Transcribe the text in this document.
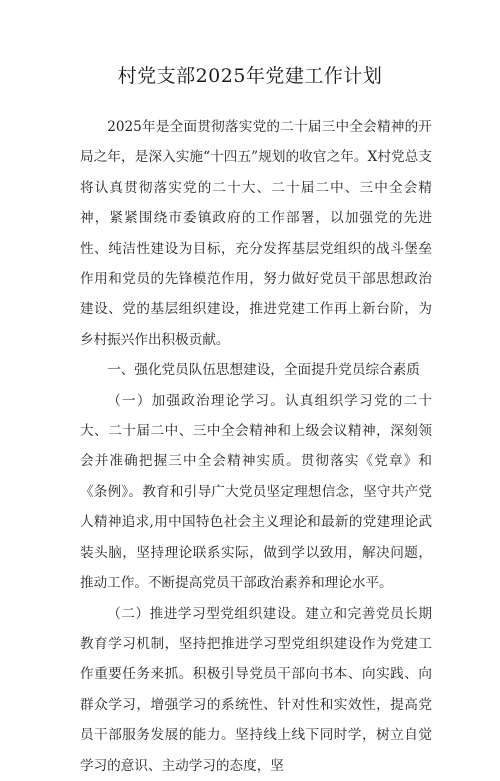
村党支部2025年党建工作计划

2025年是全面贯彻落实党的二十届三中全会精神的开局之年，是深入实施“十四五”规划的收官之年。X村党总支将认真贯彻落实党的二十大、二十届二中、三中全会精神，紧紧围绕市委镇政府的工作部署，以加强党的先进性、纯洁性建设为目标，充分发挥基层党组织的战斗堡垒作用和党员的先锋模范作用，努力做好党员干部思想政治建设、党的基层组织建设，推进党建工作再上新台阶，为乡村振兴作出积极贡献。

一、强化党员队伍思想建设，全面提升党员综合素质

（一）加强政治理论学习。认真组织学习党的二十大、二十届二中、三中全会精神和上级会议精神，深刻领会并准确把握三中全会精神实质。贯彻落实《党章》和《条例》。教育和引导广大党员坚定理想信念，坚守共产党人精神追求,用中国特色社会主义理论和最新的党建理论武装头脑，坚持理论联系实际，做到学以致用，解决问题，推动工作。不断提高党员干部政治素养和理论水平。

（二）推进学习型党组织建设。建立和完善党员长期教育学习机制，坚持把推进学习型党组织建设作为党建工作重要任务来抓。积极引导党员干部向书本、向实践、向群众学习，增强学习的系统性、针对性和实效性，提高党员干部服务发展的能力。坚持线上线下同时学，树立自觉学习的意识、主动学习的态度，坚
